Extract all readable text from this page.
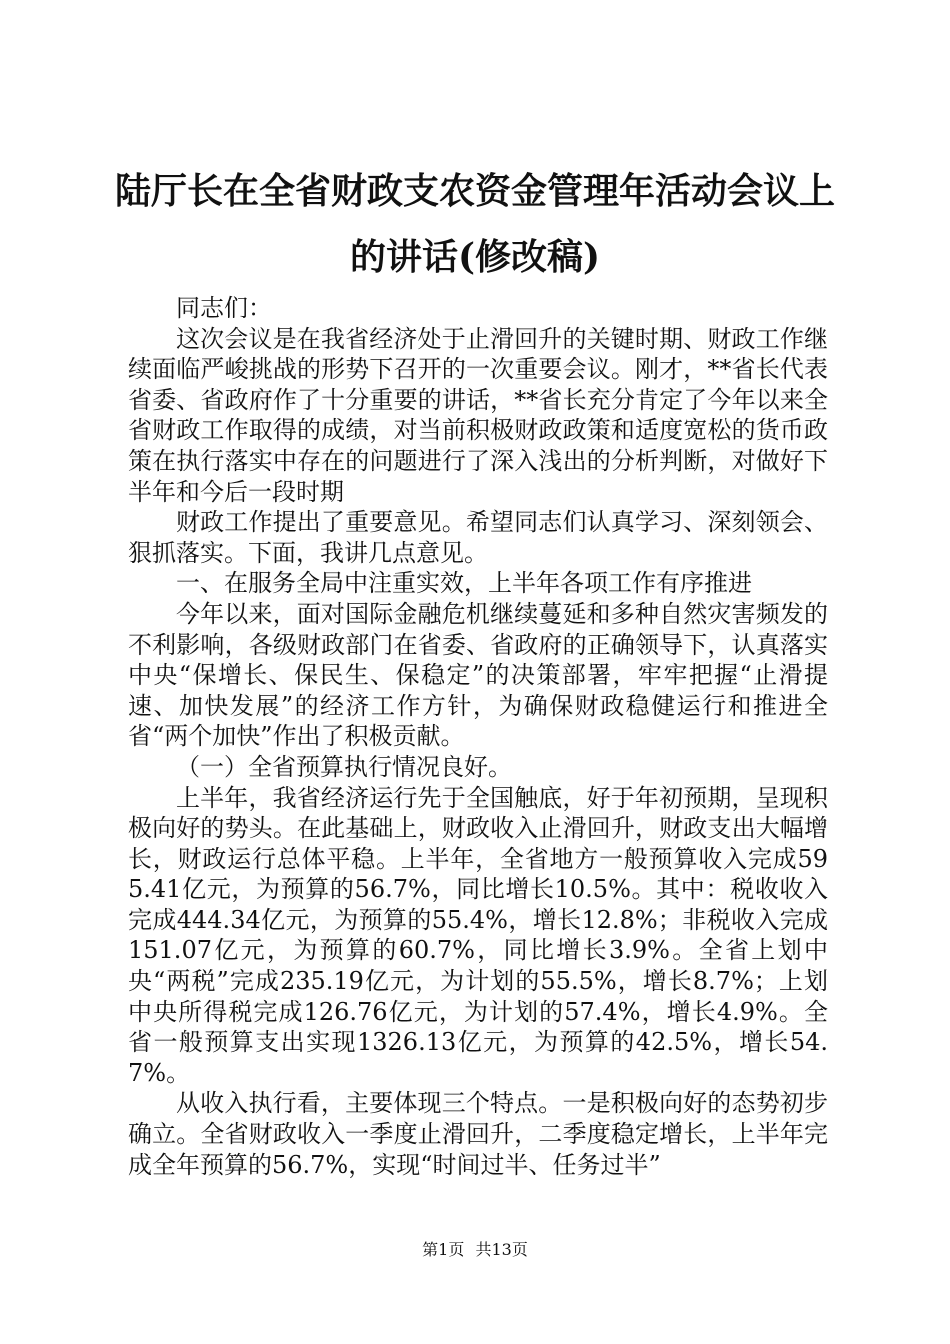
陆厅长在全省财政支农资金管理年活动会议上的讲话(修改稿)

同志们：

这次会议是在我省经济处于止滑回升的关键时期、财政工作继续面临严峻挑战的形势下召开的一次重要会议。刚才，**省长代表省委、省政府作了十分重要的讲话，**省长充分肯定了今年以来全省财政工作取得的成绩，对当前积极财政政策和适度宽松的货币政策在执行落实中存在的问题进行了深入浅出的分析判断，对做好下半年和今后一段时期

财政工作提出了重要意见。希望同志们认真学习、深刻领会、狠抓落实。下面，我讲几点意见。

一、在服务全局中注重实效，上半年各项工作有序推进

今年以来，面对国际金融危机继续蔓延和多种自然灾害频发的不利影响，各级财政部门在省委、省政府的正确领导下，认真落实中央“保增长、保民生、保稳定”的决策部署，牢牢把握“止滑提速、加快发展”的经济工作方针，为确保财政稳健运行和推进全省“两个加快”作出了积极贡献。

（一）全省预算执行情况良好。

上半年，我省经济运行先于全国触底，好于年初预期，呈现积极向好的势头。在此基础上，财政收入止滑回升，财政支出大幅增长，财政运行总体平稳。上半年，全省地方一般预算收入完成595.41亿元，为预算的56.7%，同比增长10.5%。其中：税收收入完成444.34亿元，为预算的55.4%，增长12.8%；非税收入完成151.07亿元，为预算的60.7%，同比增长3.9%。全省上划中央“两税”完成235.19亿元，为计划的55.5%，增长8.7%；上划中央所得税完成126.76亿元，为计划的57.4%，增长4.9%。全省一般预算支出实现1326.13亿元，为预算的42.5%，增长54.7%。

从收入执行看，主要体现三个特点。一是积极向好的态势初步确立。全省财政收入一季度止滑回升，二季度稳定增长，上半年完成全年预算的56.7%，实现“时间过半、任务过半”

第1页 共13页
